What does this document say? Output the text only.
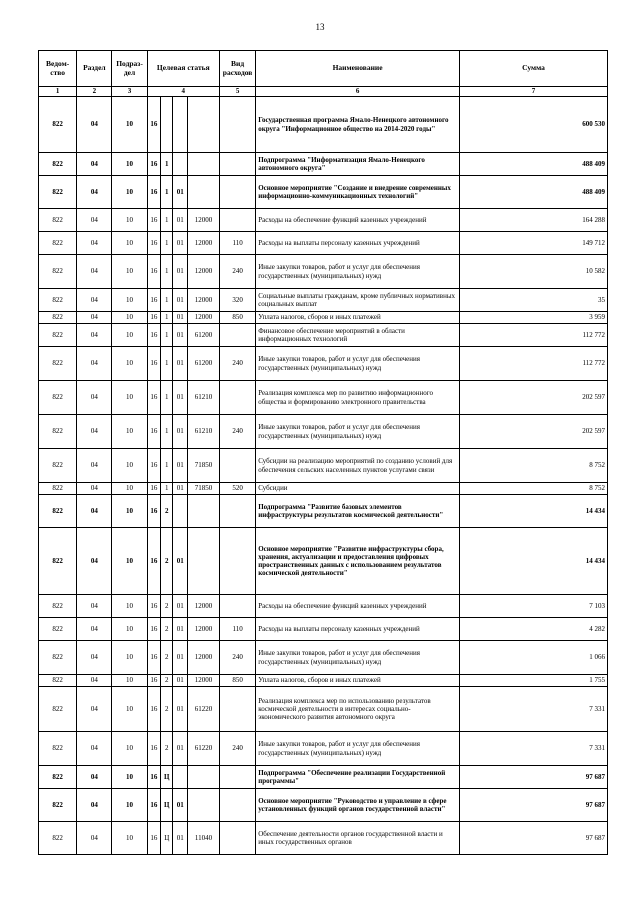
13
Ведом-ство	Раздел	Подраз-дел	Целевая статья				Вид расходов	Наименование	Сумма
1	2	3	4				5	6	7
822	04	10	16					Государственная программа Ямало-Ненецкого автономного округа "Информационное общество на 2014-2020 годы"	600 530
822	04	10	16	1				Подпрограмма "Информатизация Ямало-Ненецкого автономного округа"	488 409
822	04	10	16	1	01			Основное мероприятие "Создание и внедрение современных информационно-коммуникационных технологий"	488 409
822	04	10	16	1	01	12000		Расходы на обеспечение функций казенных учреждений	164 288
822	04	10	16	1	01	12000	110	Расходы на выплаты персоналу казенных учреждений	149 712
822	04	10	16	1	01	12000	240	Иные закупки товаров, работ и услуг для обеспечения государственных (муниципальных) нужд	10 582
822	04	10	16	1	01	12000	320	Социальные выплаты гражданам, кроме публичных нормативных социальных выплат	35
822	04	10	16	1	01	12000	850	Уплата налогов, сборов и иных платежей	3 959
822	04	10	16	1	01	61200		Финансовое обеспечение мероприятий в области информационных технологий	112 772
822	04	10	16	1	01	61200	240	Иные закупки товаров, работ и услуг для обеспечения государственных (муниципальных) нужд	112 772
822	04	10	16	1	01	61210		Реализация комплекса мер по развитию информационного общества и формированию электронного правительства	202 597
822	04	10	16	1	01	61210	240	Иные закупки товаров, работ и услуг для обеспечения государственных (муниципальных) нужд	202 597
822	04	10	16	1	01	71850		Субсидии на реализацию мероприятий по созданию условий для обеспечения сельских населенных пунктов услугами связи	8 752
822	04	10	16	1	01	71850	520	Субсидии	8 752
822	04	10	16	2				Подпрограмма "Развитие базовых элементов инфраструктуры результатов космической деятельности"	14 434
822	04	10	16	2	01			Основное мероприятие "Развитие инфраструктуры сбора, хранения, актуализации и предоставления цифровых пространственных данных с использованием результатов космической деятельности"	14 434
822	04	10	16	2	01	12000		Расходы на обеспечение функций казенных учреждений	7 103
822	04	10	16	2	01	12000	110	Расходы на выплаты персоналу казенных учреждений	4 282
822	04	10	16	2	01	12000	240	Иные закупки товаров, работ и услуг для обеспечения государственных (муниципальных) нужд	1 066
822	04	10	16	2	01	12000	850	Уплата налогов, сборов и иных платежей	1 755
822	04	10	16	2	01	61220		Реализация комплекса мер по использованию результатов космической деятельности в интересах социально-экономического развития автономного округа	7 331
822	04	10	16	2	01	61220	240	Иные закупки товаров, работ и услуг для обеспечения государственных (муниципальных) нужд	7 331
822	04	10	16	Ц				Подпрограмма "Обеспечение реализации Государственной программы"	97 687
822	04	10	16	Ц	01			Основное мероприятие "Руководство и управление в сфере установленных функций органов государственной власти"	97 687
822	04	10	16	Ц	01	11040		Обеспечение деятельности органов государственной власти и иных государственных органов	97 687
